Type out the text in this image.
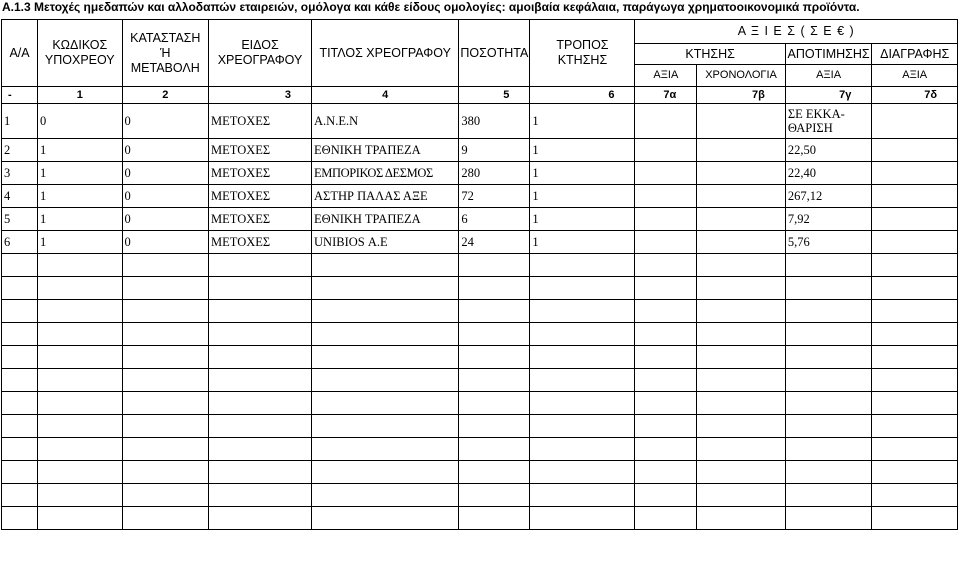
Α.1.3 Μετοχές ημεδαπών και αλλοδαπών εταιρειών, ομόλογα και κάθε είδους ομολογίες: αμοιβαία κεφάλαια, παράγωγα χρηματοοικονομικά προϊόντα.
Α/Α	ΚΩΔΙΚΟΣ ΥΠΟΧΡΕΟΥ	ΚΑΤΑΣΤΑΣΗ
Ή
ΜΕΤΑΒΟΛΗ	ΕΙΔΟΣ ΧΡΕΟΓΡΑΦΟΥ	ΤΙΤΛΟΣ ΧΡΕΟΓΡΑΦΟΥ	ΠΟΣΟΤΗΤΑ	ΤΡΟΠΟΣ ΚΤΗΣΗΣ	Α Ξ Ι Ε Σ ( Σ Ε € )			
							ΚΤΗΣΗΣ		ΑΠΟΤΙΜΗΣΗΣ	ΔΙΑΓΡΑΦΗΣ
							ΑΞΙΑ	ΧΡΟΝΟΛΟΓΙΑ	ΑΞΙΑ	ΑΞΙΑ
-	1	2	3	4	5	6	7α	7β	7γ	7δ
1	0	0	ΜΕΤΟΧΕΣ	Α.Ν.Ε.Ν	380	1			ΣΕ ΕΚΚΑ-ΘΑΡΙΣΗ	
2	1	0	ΜΕΤΟΧΕΣ	ΕΘΝΙΚΗ ΤΡΑΠΕΖΑ	9	1			22,50	
3	1	0	ΜΕΤΟΧΕΣ	ΕΜΠΟΡΙΚΟΣ ΔΕΣΜΟΣ	280	1			22,40	
4	1	0	ΜΕΤΟΧΕΣ	ΑΣΤΗΡ ΠΑΛΑΣ ΑΞΕ	72	1			267,12	
5	1	0	ΜΕΤΟΧΕΣ	ΕΘΝΙΚΗ ΤΡΑΠΕΖΑ	6	1			7,92	
6	1	0	ΜΕΤΟΧΕΣ	UNIBIOS Α.Ε	24	1			5,76	
